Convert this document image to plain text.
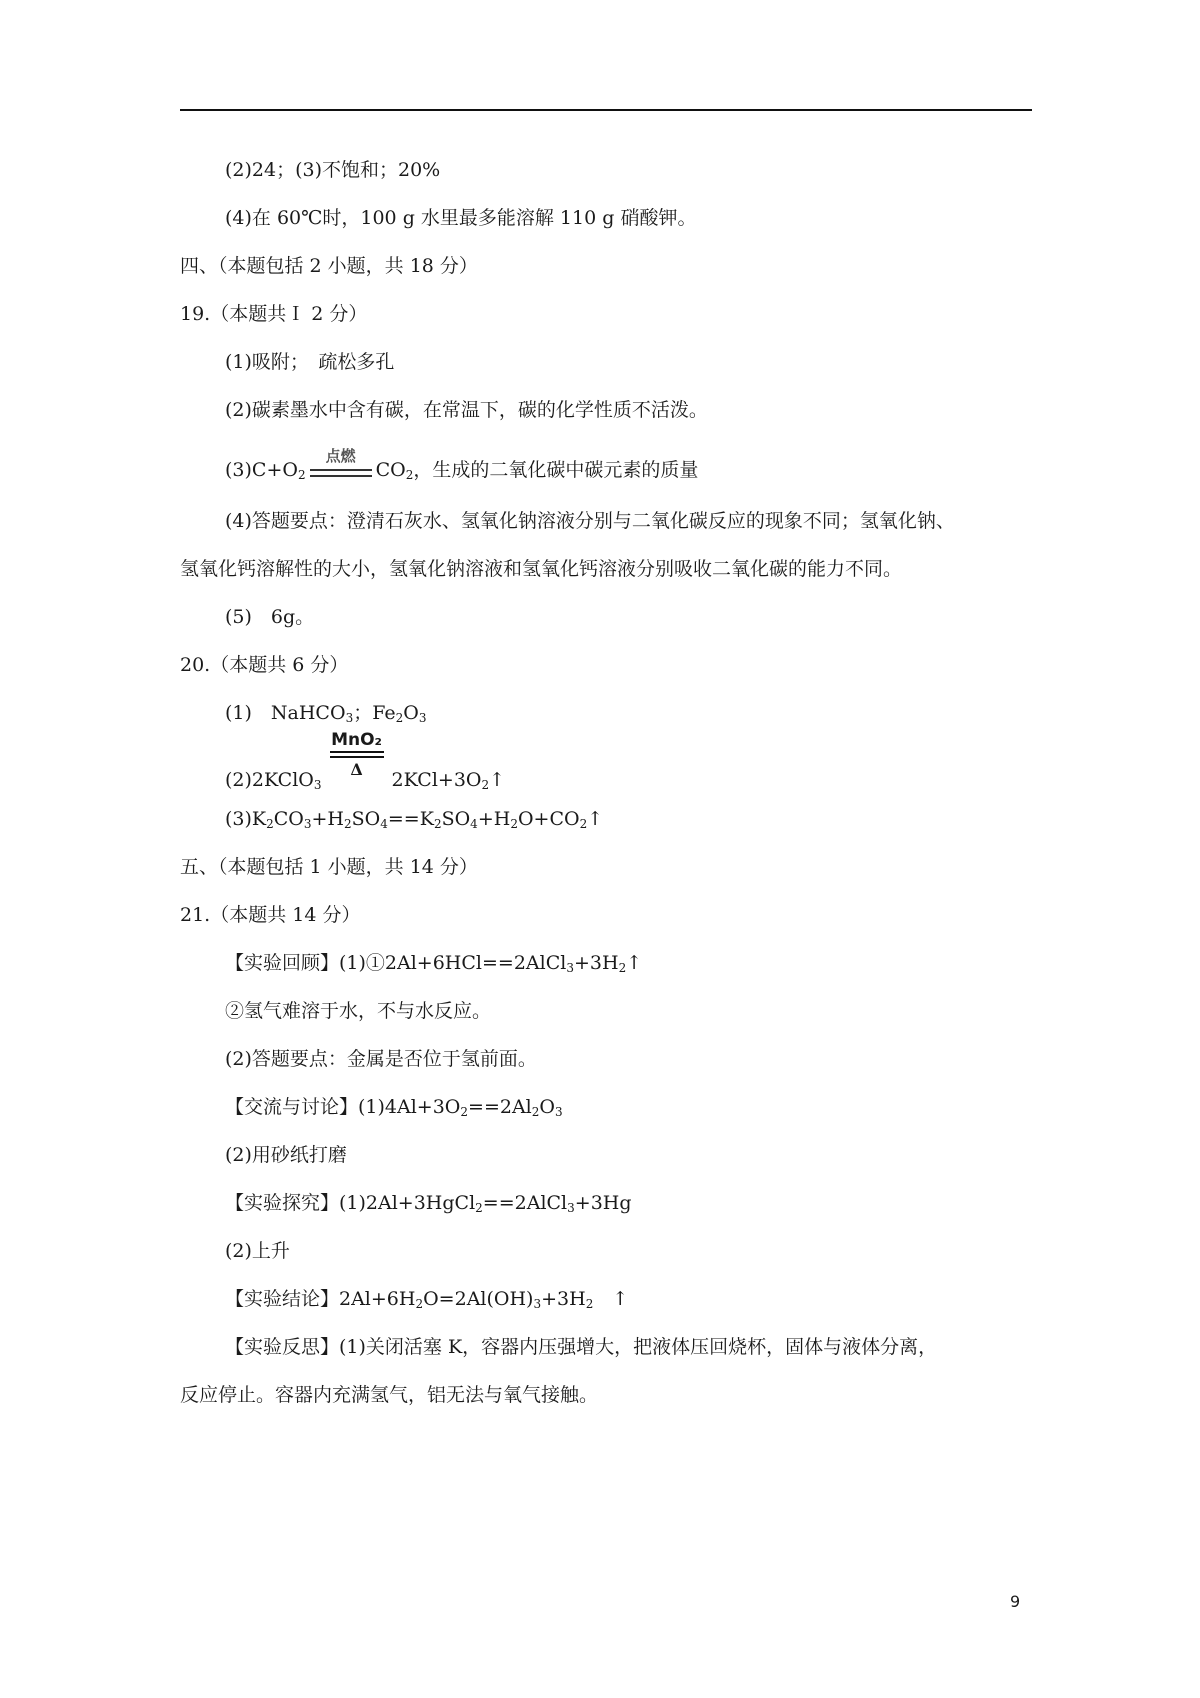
(2)24；(3)不饱和；20%
(4)在 60℃时，100 g 水里最多能溶解 110 g 硝酸钾。
四、（本题包括 2 小题，共 18 分）
19.（本题共Ｉ 2 分）
(1)吸附；　疏松多孔
(2)碳素墨水中含有碳，在常温下，碳的化学性质不活泼。
$(3)C+O_2$
点燃
$CO_2$，生成的二氧化碳中碳元素的质量
(4)答题要点：澄清石灰水、氢氧化钠溶液分别与二氧化碳反应的现象不同；氢氧化钠、
氢氧化钙溶解性的大小，氢氧化钠溶液和氢氧化钙溶液分别吸收二氧化碳的能力不同。
(5)　6g。
20.（本题共 6 分）
(1)　NaHCO$_3$；$Fe_2O_3$
(2)2KClO$_3$
MnO₂
Δ	$2KCl+3O_2↑$
$(3)K_2CO_3+H_2SO_4==K_2SO_4+H_2O+CO_2↑$
五、（本题包括 1 小题，共 14 分）
21.（本题共 14 分）
【实验回顾】$(1)①2Al+6HCl==2AlCl_3+3H_2↑$
②氢气难溶于水，不与水反应。
(2)答题要点：金属是否位于氢前面。
【交流与讨论】$(1)4Al+3O_2==2Al_2O_3$
(2)用砂纸打磨
【实验探究】(1)2Al+3HgCl$_2$==2AlCl$_3$+3Hg
(2)上升
【实验结论】$2Al+6H_2O=2Al(OH)_3+3H_2$　↑
【实验反思】(1)关闭活塞 K，容器内压强增大，把液体压回烧杯，固体与液体分离，
反应停止。容器内充满氢气，铝无法与氧气接触。
9
